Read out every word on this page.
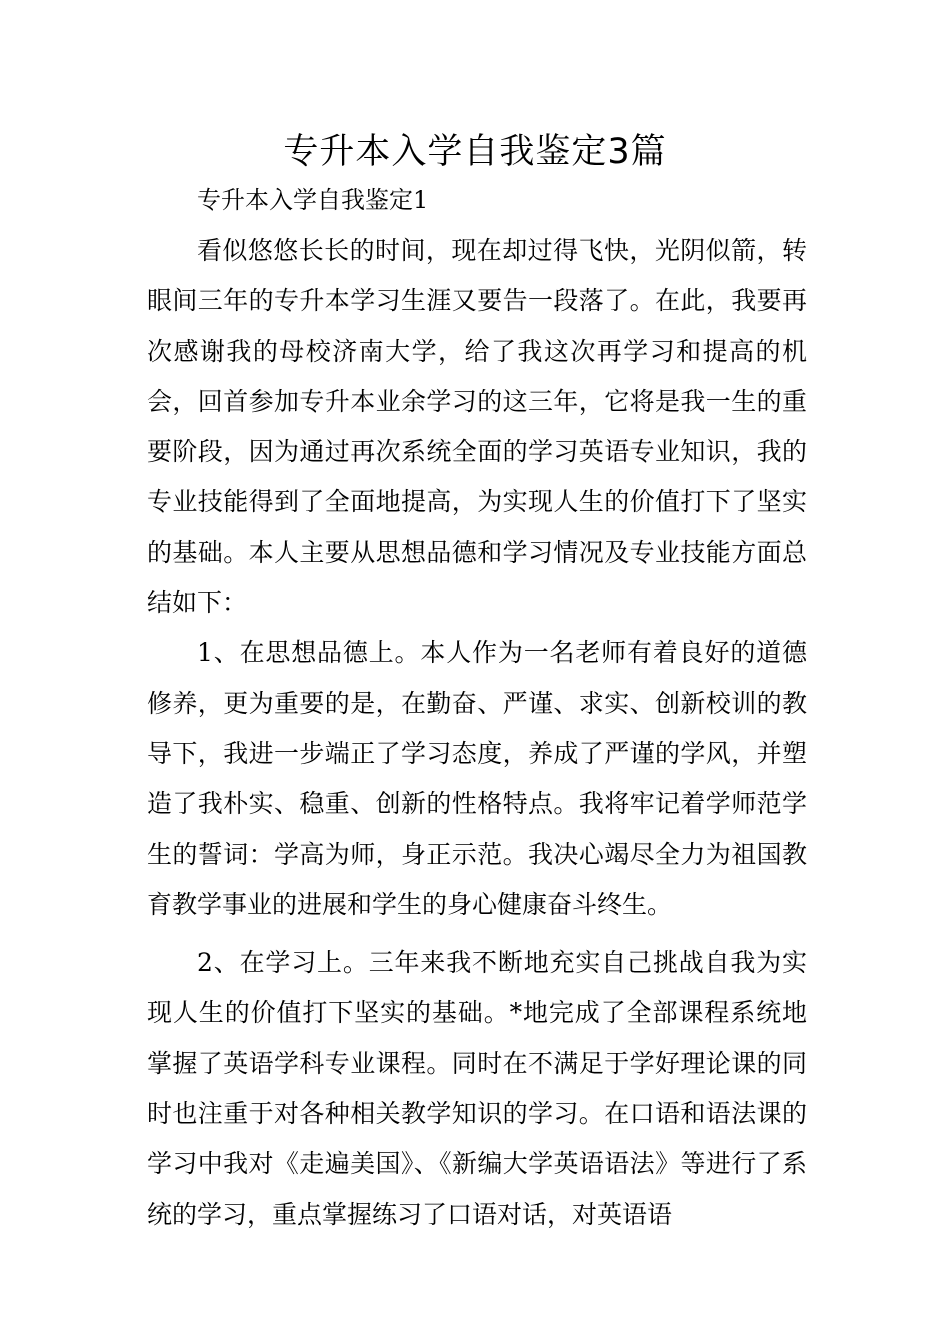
专升本入学自我鉴定3篇
专升本入学自我鉴定1

看似悠悠长长的时间，现在却过得飞快，光阴似箭，转眼间三年的专升本学习生涯又要告一段落了。在此，我要再次感谢我的母校济南大学，给了我这次再学习和提高的机会，回首参加专升本业余学习的这三年，它将是我一生的重要阶段，因为通过再次系统全面的学习英语专业知识，我的专业技能得到了全面地提高，为实现人生的价值打下了坚实的基础。本人主要从思想品德和学习情况及专业技能方面总结如下：

1、在思想品德上。本人作为一名老师有着良好的道德修养，更为重要的是，在勤奋、严谨、求实、创新校训的教导下，我进一步端正了学习态度，养成了严谨的学风，并塑造了我朴实、稳重、创新的性格特点。我将牢记着学师范学生的誓词：学高为师，身正示范。我决心竭尽全力为祖国教育教学事业的进展和学生的身心健康奋斗终生。

2、在学习上。三年来我不断地充实自己挑战自我为实现人生的价值打下坚实的基础。*地完成了全部课程系统地掌握了英语学科专业课程。同时在不满足于学好理论课的同时也注重于对各种相关教学知识的学习。在口语和语法课的学习中我对《走遍美国》、《新编大学英语语法》等进行了系统的学习，重点掌握练习了口语对话，对英语语
